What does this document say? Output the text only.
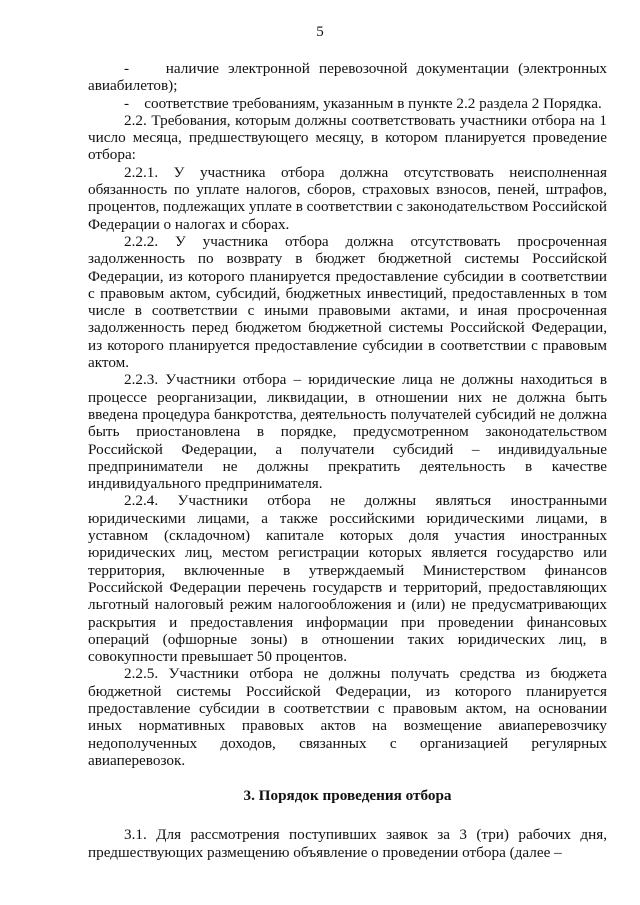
5

-    наличие электронной перевозочной документации (электронных авиабилетов);

-    соответствие требованиям, указанным в пункте 2.2 раздела 2 Порядка.

2.2. Требования, которым должны соответствовать участники отбора на 1 число месяца, предшествующего месяцу, в котором планируется проведение отбора:

2.2.1. У участника отбора должна отсутствовать неисполненная обязанность по уплате налогов, сборов, страховых взносов, пеней, штрафов, процентов, подлежащих уплате в соответствии с законодательством Российской Федерации о налогах и сборах.

2.2.2. У участника отбора должна отсутствовать просроченная задолженность по возврату в бюджет бюджетной системы Российской Федерации, из которого планируется предоставление субсидии в соответствии с правовым актом, субсидий, бюджетных инвестиций, предоставленных в том числе в соответствии с иными правовыми актами, и иная просроченная задолженность перед бюджетом бюджетной системы Российской Федерации, из которого планируется предоставление субсидии в соответствии с правовым актом.

2.2.3. Участники отбора – юридические лица не должны находиться в процессе реорганизации, ликвидации, в отношении них не должна быть введена процедура банкротства, деятельность получателей субсидий не должна быть приостановлена в порядке, предусмотренном законодательством Российской Федерации, а получатели субсидий – индивидуальные предприниматели не должны прекратить деятельность в качестве индивидуального предпринимателя.

2.2.4. Участники отбора не должны являться иностранными юридическими лицами, а также российскими юридическими лицами, в уставном (складочном) капитале которых доля участия иностранных юридических лиц, местом регистрации которых является государство или территория, включенные в утверждаемый Министерством финансов Российской Федерации перечень государств и территорий, предоставляющих льготный налоговый режим налогообложения и (или) не предусматривающих раскрытия и предоставления информации при проведении финансовых операций (офшорные зоны) в отношении таких юридических лиц, в совокупности превышает 50 процентов.

2.2.5. Участники отбора не должны получать средства из бюджета бюджетной системы Российской Федерации, из которого планируется предоставление субсидии в соответствии с правовым актом, на основании иных нормативных правовых актов на возмещение авиаперевозчику недополученных доходов, связанных с организацией регулярных авиаперевозок.

3. Порядок проведения отбора

3.1. Для рассмотрения поступивших заявок за 3 (три) рабочих дня, предшествующих размещению объявление о проведении отбора (далее –
